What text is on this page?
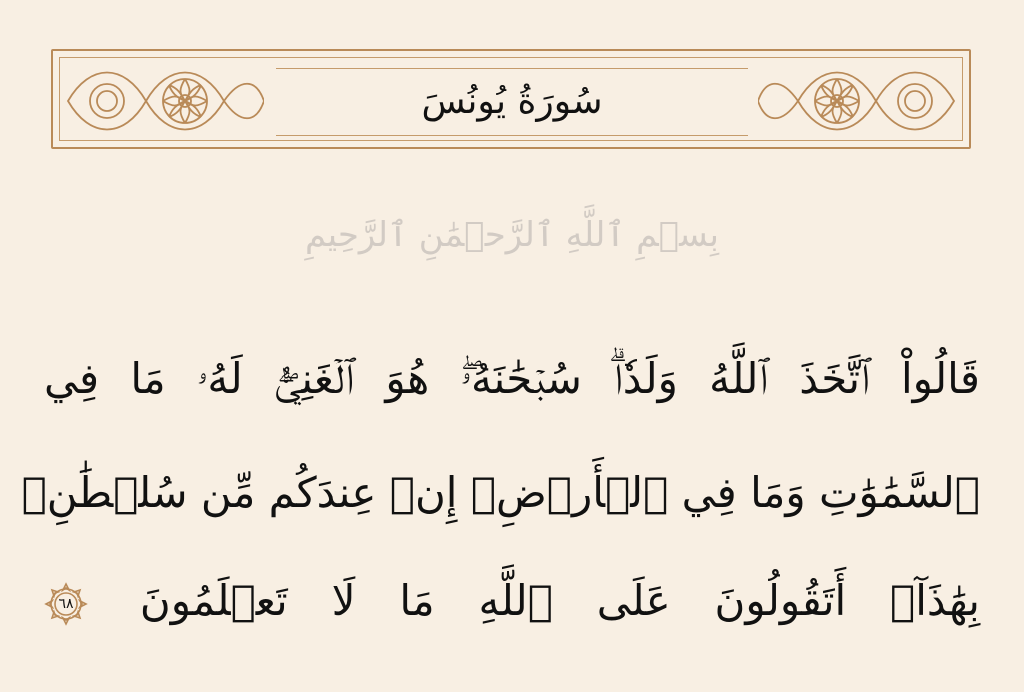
سُورَةُ يُونُسَ
بِسۡمِ ٱللَّهِ ٱلرَّحۡمَٰنِ ٱلرَّحِيمِ
قَالُواْ ٱتَّخَذَ ٱللَّهُ وَلَدٗاۗ سُبۡحَٰنَهُۥۖ هُوَ ٱلۡغَنِيُّۖ لَهُۥ مَا فِي
ٱلسَّمَٰوَٰتِ وَمَا فِي ٱلۡأَرۡضِۚ إِنۡ عِندَكُم مِّن سُلۡطَٰنِۭ
بِهَٰذَآۚ أَتَقُولُونَ عَلَى ٱللَّهِ مَا لَا تَعۡلَمُونَ
٦٨
